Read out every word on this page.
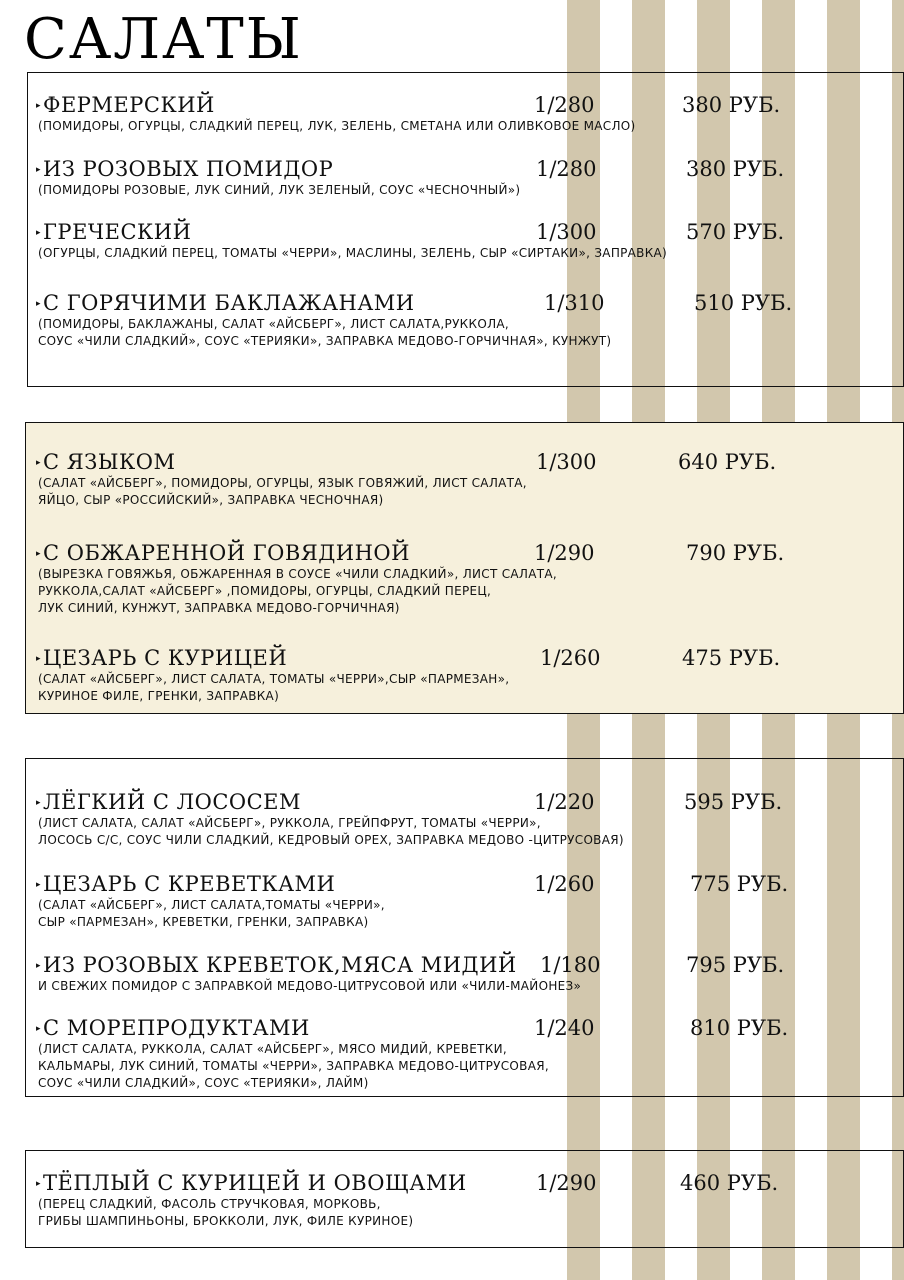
САЛАТЫ
▸ФЕРМЕРСКИЙ	1/280	380 РУБ.
(ПОМИДОРЫ, ОГУРЦЫ, СЛАДКИЙ ПЕРЕЦ, ЛУК, ЗЕЛЕНЬ, СМЕТАНА ИЛИ ОЛИВКОВОЕ МАСЛО)
▸ИЗ РОЗОВЫХ ПОМИДОР	1/280	380 РУБ.
(ПОМИДОРЫ РОЗОВЫЕ, ЛУК СИНИЙ, ЛУК ЗЕЛЕНЫЙ, СОУС «ЧЕСНОЧНЫЙ»)
▸ГРЕЧЕСКИЙ	1/300	570 РУБ.
(ОГУРЦЫ, СЛАДКИЙ ПЕРЕЦ, ТОМАТЫ «ЧЕРРИ», МАСЛИНЫ, ЗЕЛЕНЬ, СЫР «СИРТАКИ», ЗАПРАВКА)
▸С ГОРЯЧИМИ БАКЛАЖАНАМИ	1/310	510 РУБ.
(ПОМИДОРЫ, БАКЛАЖАНЫ, САЛАТ «АЙСБЕРГ», ЛИСТ САЛАТА,РУККОЛА,
СОУС «ЧИЛИ СЛАДКИЙ», СОУС «ТЕРИЯКИ», ЗАПРАВКА МЕДОВО-ГОРЧИЧНАЯ», КУНЖУТ)
▸С ЯЗЫКОМ	1/300	640 РУБ.
(САЛАТ «АЙСБЕРГ», ПОМИДОРЫ, ОГУРЦЫ, ЯЗЫК ГОВЯЖИЙ, ЛИСТ САЛАТА,
ЯЙЦО, СЫР «РОССИЙСКИЙ», ЗАПРАВКА ЧЕСНОЧНАЯ)
▸С ОБЖАРЕННОЙ ГОВЯДИНОЙ	1/290	790 РУБ.
(ВЫРЕЗКА ГОВЯЖЬЯ, ОБЖАРЕННАЯ В СОУСЕ «ЧИЛИ СЛАДКИЙ», ЛИСТ САЛАТА,
РУККОЛА,САЛАТ «АЙСБЕРГ» ,ПОМИДОРЫ, ОГУРЦЫ, СЛАДКИЙ ПЕРЕЦ,
ЛУК СИНИЙ, КУНЖУТ, ЗАПРАВКА МЕДОВО-ГОРЧИЧНАЯ)
▸ЦЕЗАРЬ С КУРИЦЕЙ	1/260	475 РУБ.
(САЛАТ «АЙСБЕРГ», ЛИСТ САЛАТА, ТОМАТЫ «ЧЕРРИ»,СЫР «ПАРМЕЗАН»,
КУРИНОЕ ФИЛЕ, ГРЕНКИ, ЗАПРАВКА)
▸ЛЁГКИЙ С ЛОСОСЕМ	1/220	595 РУБ.
(ЛИСТ САЛАТА, САЛАТ «АЙСБЕРГ», РУККОЛА, ГРЕЙПФРУТ, ТОМАТЫ «ЧЕРРИ»,
ЛОСОСЬ С/С, СОУС ЧИЛИ СЛАДКИЙ, КЕДРОВЫЙ ОРЕХ, ЗАПРАВКА МЕДОВО -ЦИТРУСОВАЯ)
▸ЦЕЗАРЬ С КРЕВЕТКАМИ	1/260	775 РУБ.
(САЛАТ «АЙСБЕРГ», ЛИСТ САЛАТА,ТОМАТЫ «ЧЕРРИ»,
СЫР «ПАРМЕЗАН», КРЕВЕТКИ, ГРЕНКИ, ЗАПРАВКА)
▸ИЗ РОЗОВЫХ КРЕВЕТОК,МЯСА МИДИЙ 1/180	795 РУБ.
И СВЕЖИХ ПОМИДОР С ЗАПРАВКОЙ МЕДОВО-ЦИТРУСОВОЙ ИЛИ «ЧИЛИ-МАЙОНЕЗ»
▸С МОРЕПРОДУКТАМИ	1/240	810 РУБ.
(ЛИСТ САЛАТА, РУККОЛА, САЛАТ «АЙСБЕРГ», МЯСО МИДИЙ, КРЕВЕТКИ,
КАЛЬМАРЫ, ЛУК СИНИЙ, ТОМАТЫ «ЧЕРРИ», ЗАПРАВКА МЕДОВО-ЦИТРУСОВАЯ,
СОУС «ЧИЛИ СЛАДКИЙ», СОУС «ТЕРИЯКИ», ЛАЙМ)
▸ТЁПЛЫЙ С КУРИЦЕЙ И ОВОЩАМИ	1/290	460 РУБ.
(ПЕРЕЦ СЛАДКИЙ, ФАСОЛЬ СТРУЧКОВАЯ, МОРКОВЬ,
ГРИБЫ ШАМПИНЬОНЫ, БРОККОЛИ, ЛУК, ФИЛЕ КУРИНОЕ)
